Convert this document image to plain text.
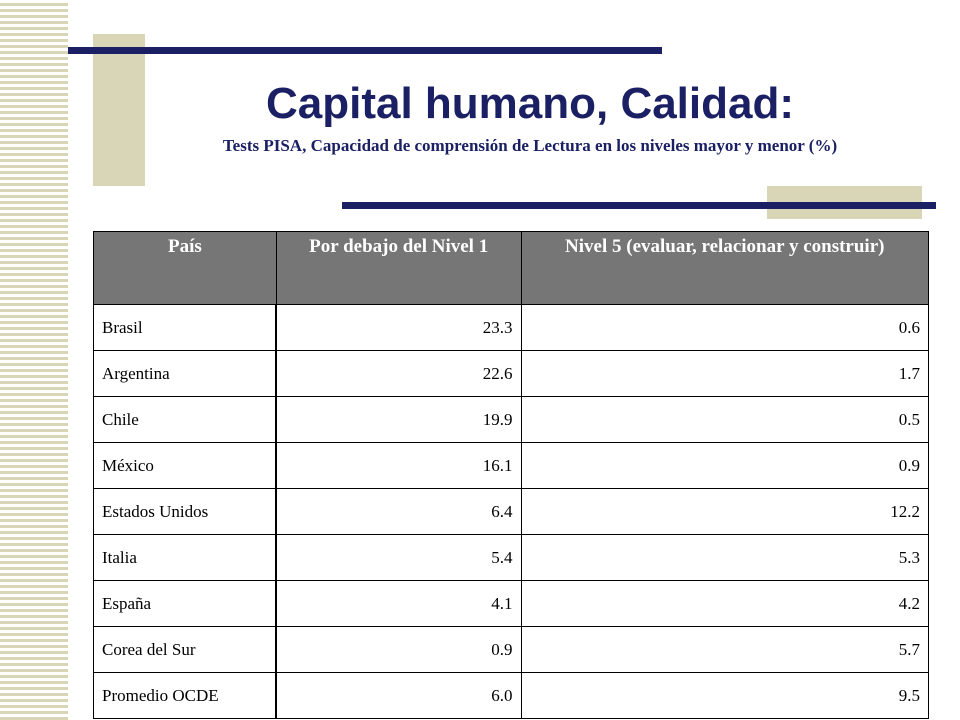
Capital humano, Calidad:

Tests PISA, Capacidad de comprensión de Lectura en los niveles mayor y menor (%)

País	Por debajo del Nivel 1	Nivel 5 (evaluar, relacionar y construir)
Brasil	23.3	0.6
Argentina	22.6	1.7
Chile	19.9	0.5
México	16.1	0.9
Estados Unidos	6.4	12.2
Italia	5.4	5.3
España	4.1	4.2
Corea del Sur	0.9	5.7
Promedio OCDE	6.0	9.5
